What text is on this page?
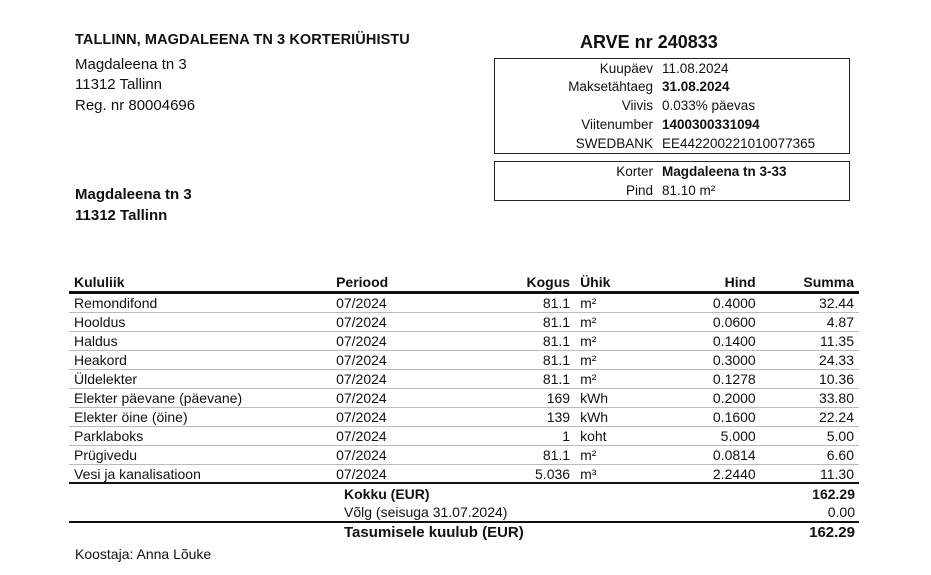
TALLINN, MAGDALEENA TN 3 KORTERIÜHISTU
Magdaleena tn 3
11312 Tallinn
Reg. nr 80004696
ARVE nr 240833
Kuupäev 11.08.2024
Maksetähtaeg 31.08.2024
Viivis 0.033% päevas
Viitenumber 1400300331094
SWEDBANK EE442200221010077365
Korter Magdaleena tn 3-33
Pind 81.10 m²
Magdaleena tn 3
11312 Tallinn
Kululiik	Periood	Kogus	Ühik	Hind	Summa
Remondifond	07/2024	81.1	m²	0.4000	32.44
Hooldus	07/2024	81.1	m²	0.0600	4.87
Haldus	07/2024	81.1	m²	0.1400	11.35
Heakord	07/2024	81.1	m²	0.3000	24.33
Üldelekter	07/2024	81.1	m²	0.1278	10.36
Elekter päevane (päevane)	07/2024	169	kWh	0.2000	33.80
Elekter öine (öine)	07/2024	139	kWh	0.1600	22.24
Parklaboks	07/2024	1	koht	5.000	5.00
Prügivedu	07/2024	81.1	m²	0.0814	6.60
Vesi ja kanalisatioon	07/2024	5.036	m³	2.2440	11.30
Kokku (EUR)	162.29
Võlg (seisuga 31.07.2024)	0.00
Tasumisele kuulub (EUR)	162.29
Koostaja: Anna Lõuke
